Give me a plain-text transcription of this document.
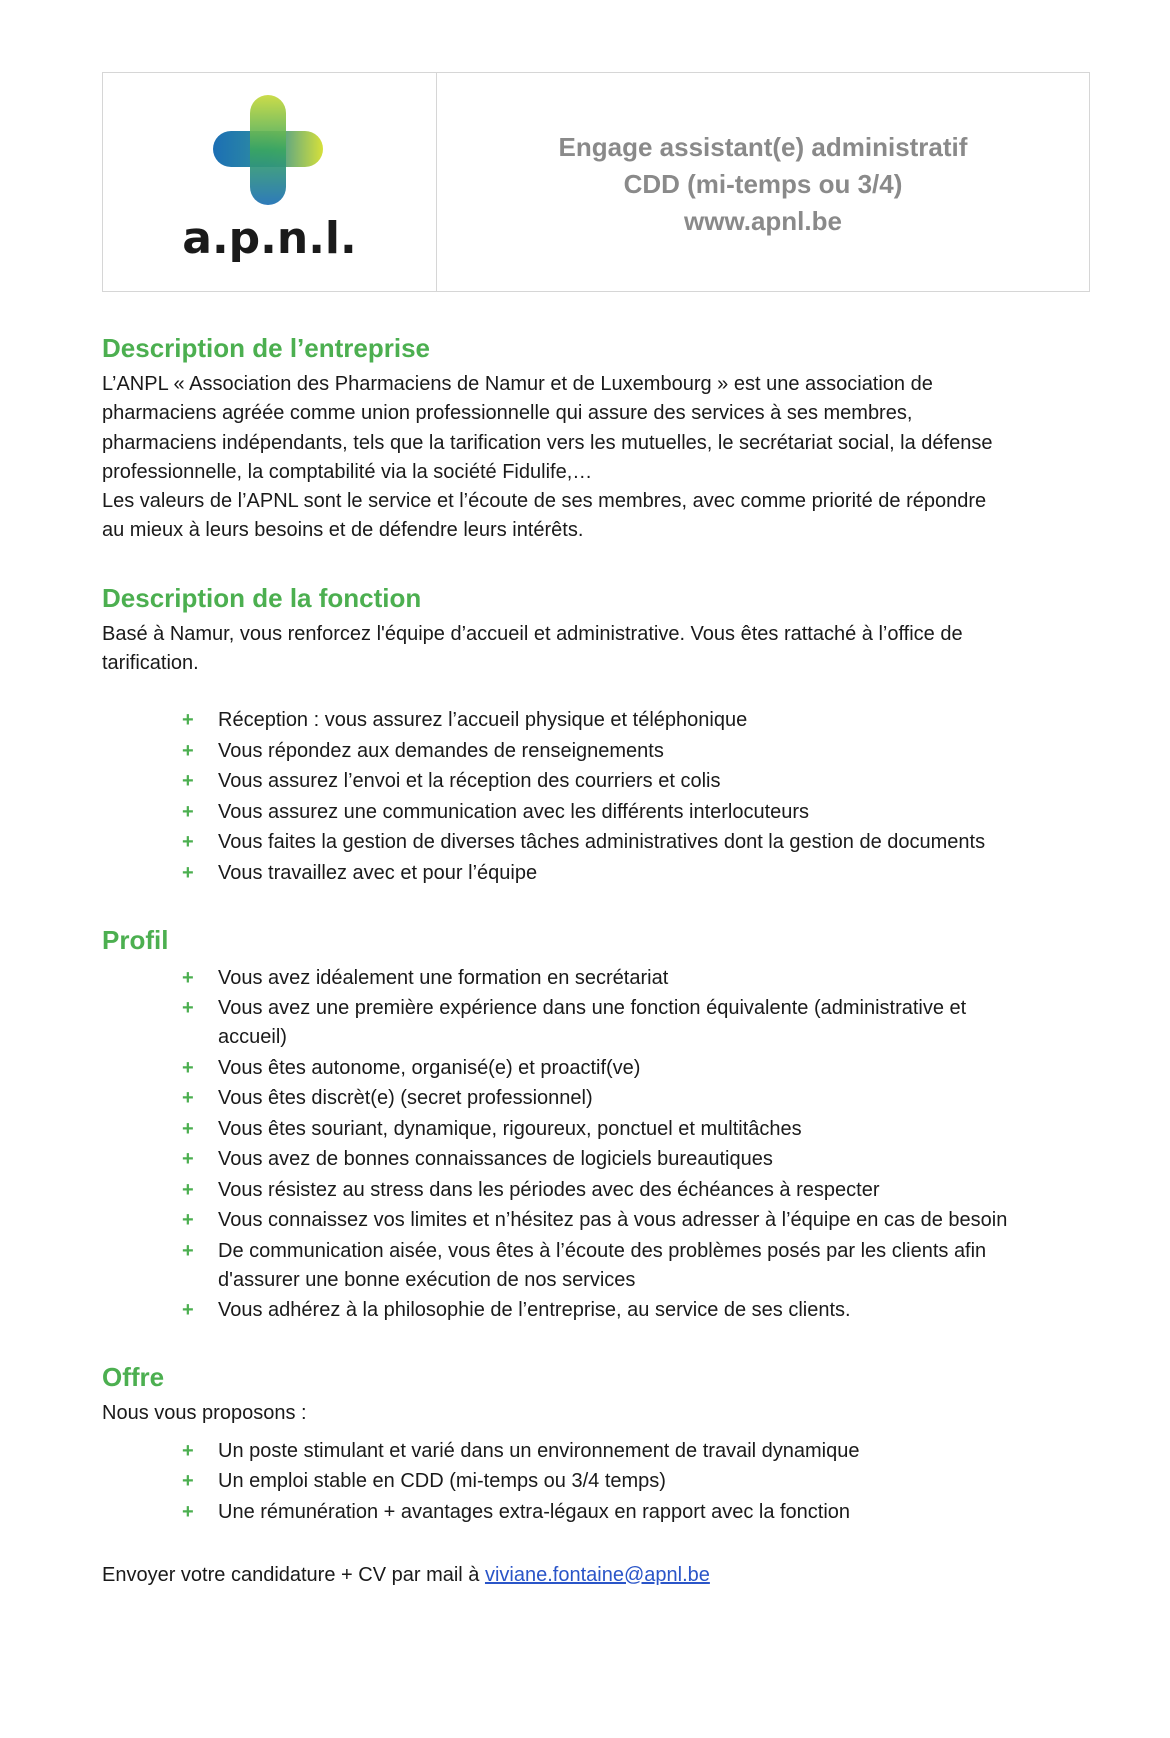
a.p.n.l.
Engage assistant(e) administratif
CDD (mi-temps ou 3/4)
www.apnl.be
Description de l’entreprise

L’ANPL « Association des Pharmaciens de Namur et de Luxembourg » est une association de

pharmaciens agréée comme union professionnelle qui assure des services à ses membres,

pharmaciens indépendants, tels que la tarification vers les mutuelles, le secrétariat social, la défense

professionnelle, la comptabilité via la société Fidulife,…

Les valeurs de l’APNL sont le service et l’écoute de ses membres, avec comme priorité de répondre

au mieux à leurs besoins et de défendre leurs intérêts.

Description de la fonction

Basé à Namur, vous renforcez l'équipe d’accueil et administrative. Vous êtes rattaché à l’office de

tarification.

+ Réception : vous assurez l’accueil physique et téléphonique
+ Vous répondez aux demandes de renseignements
+ Vous assurez l’envoi et la réception des courriers et colis
+ Vous assurez une communication avec les différents interlocuteurs
+ Vous faites la gestion de diverses tâches administratives dont la gestion de documents
+ Vous travaillez avec et pour l’équipe
Profil
+ Vous avez idéalement une formation en secrétariat
+ Vous avez une première expérience dans une fonction équivalente (administrative et
accueil)
+ Vous êtes autonome, organisé(e) et proactif(ve)
+ Vous êtes discrèt(e) (secret professionnel)
+ Vous êtes souriant, dynamique, rigoureux, ponctuel et multitâches
+ Vous avez de bonnes connaissances de logiciels bureautiques
+ Vous résistez au stress dans les périodes avec des échéances à respecter
+ Vous connaissez vos limites et n’hésitez pas à vous adresser à l’équipe en cas de besoin
+ De communication aisée, vous êtes à l’écoute des problèmes posés par les clients afin
d'assurer une bonne exécution de nos services
+ Vous adhérez à la philosophie de l’entreprise, au service de ses clients.
Offre

Nous vous proposons :

+ Un poste stimulant et varié dans un environnement de travail dynamique
+ Un emploi stable en CDD (mi-temps ou 3/4 temps)
+ Une rémunération + avantages extra-légaux en rapport avec la fonction

Envoyer votre candidature + CV par mail à viviane.fontaine@apnl.be
